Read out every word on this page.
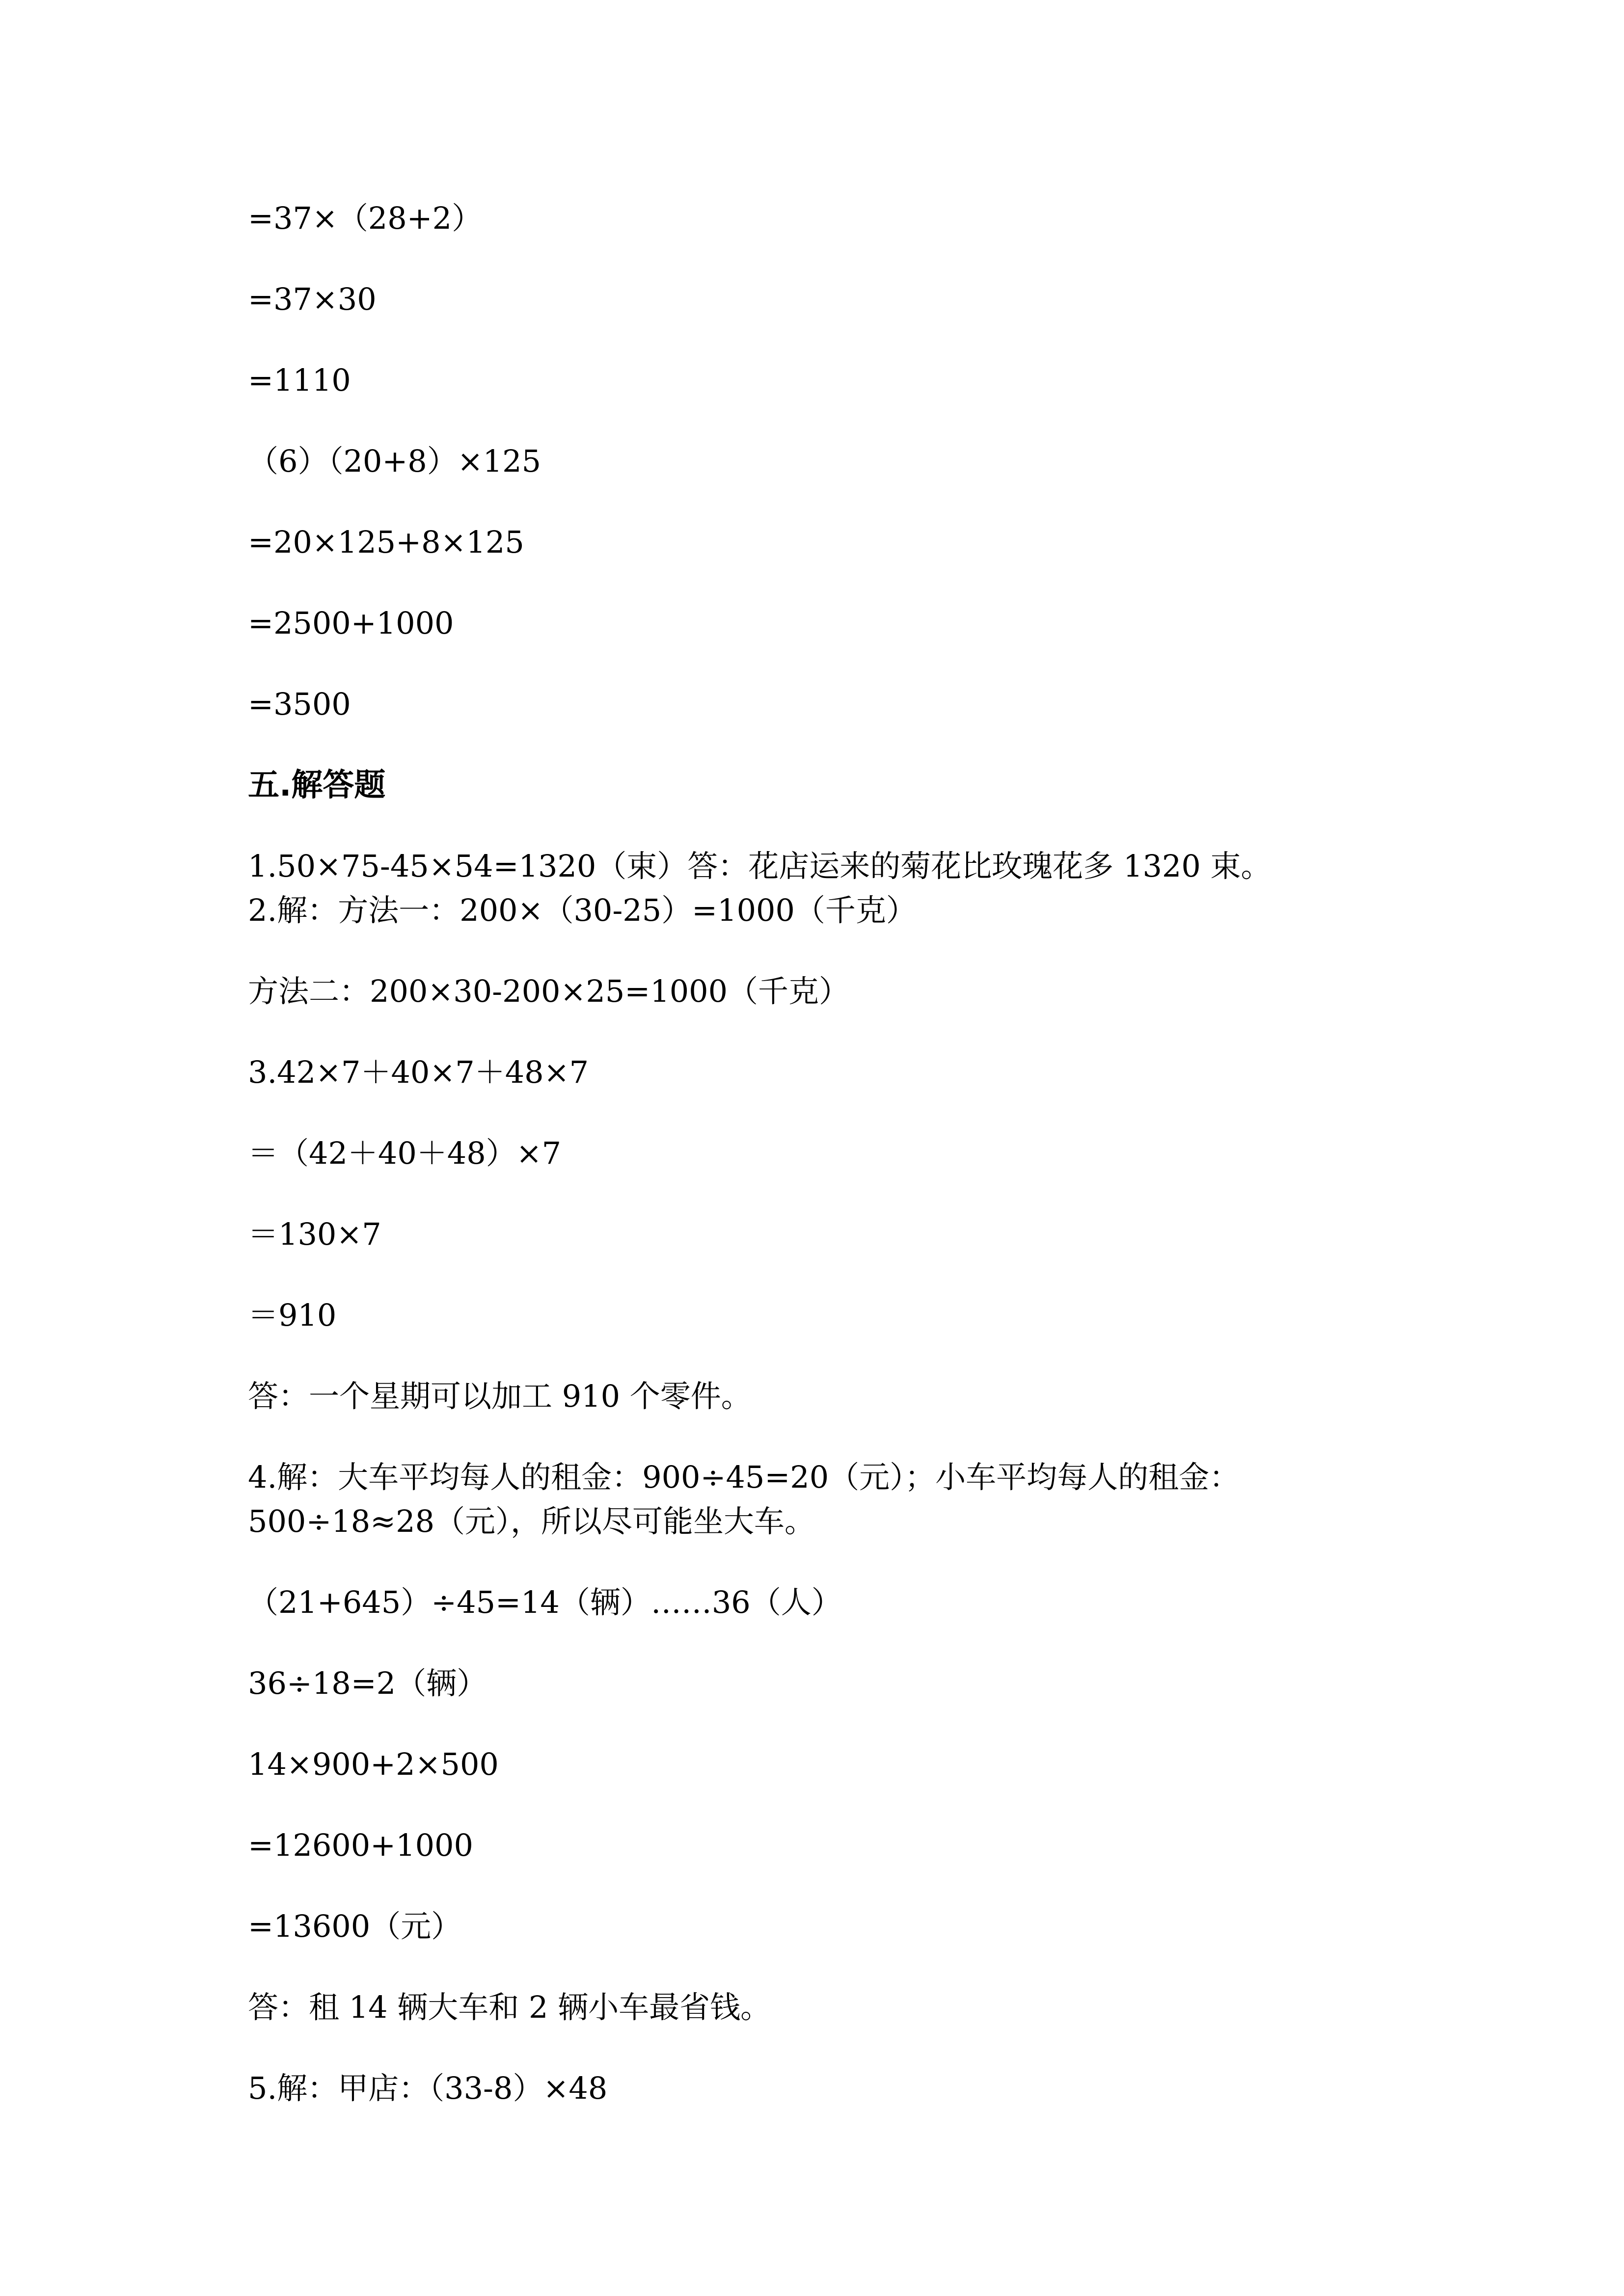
=37×（28+2）
=37×30
=1110
（6）（20+8）×125
=20×125+8×125
=2500+1000
=3500
五.解答题
1.50×75-45×54=1320（束）答：花店运来的菊花比玫瑰花多 1320 束。
2.解：方法一：200×（30-25）=1000（千克）
方法二：200×30-200×25=1000（千克）
3.42×7＋40×7＋48×7
＝（42＋40＋48）×7
＝130×7
＝910
答：一个星期可以加工 910 个零件。
4.解：大车平均每人的租金：900÷45=20（元）；小车平均每人的租金：
500÷18≈28（元），所以尽可能坐大车。
（21+645）÷45=14（辆）……36（人）
36÷18=2（辆）
14×900+2×500
=12600+1000
=13600（元）
答：租 14 辆大车和 2 辆小车最省钱。
5.解：甲店：（33-8）×48
